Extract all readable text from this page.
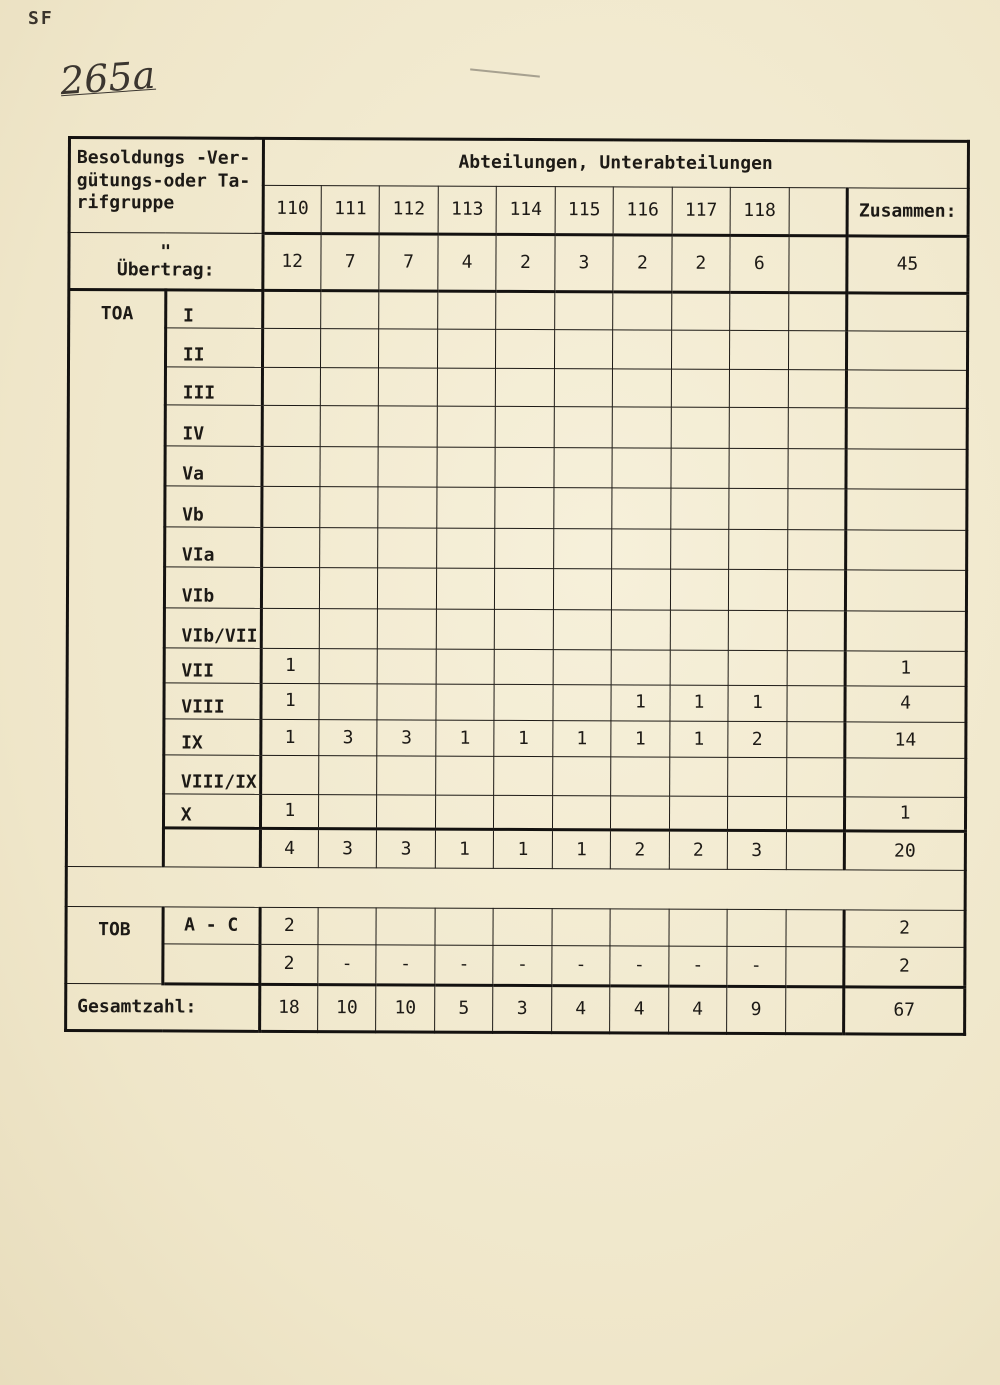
SF
265a
Besoldungs -Ver-
gütungs-oder Ta-
rifgruppe		Abteilungen, Unterabteilungen										
		110	111	112	113	114	115	116	117	118		Zusammen:
"
Übertrag:		12	7	7	4	2	3	2	2	6		45
TOA	I											
	II											
	III											
	IV											
	Va											
	Vb											
	VIa											
	VIb											
	VIb/VII											
	VII	1										1
	VIII	1						1	1	1		4
	IX	1	3	3	1	1	1	1	1	2		14
	VIII/IX											
	X	1										1
		4	3	3	1	1	1	2	2	3		20

TOB	A - C	2										2
		2	-	-	-	-	-	-	-	-		2
Gesamtzahl:		18	10	10	5	3	4	4	4	9		67
